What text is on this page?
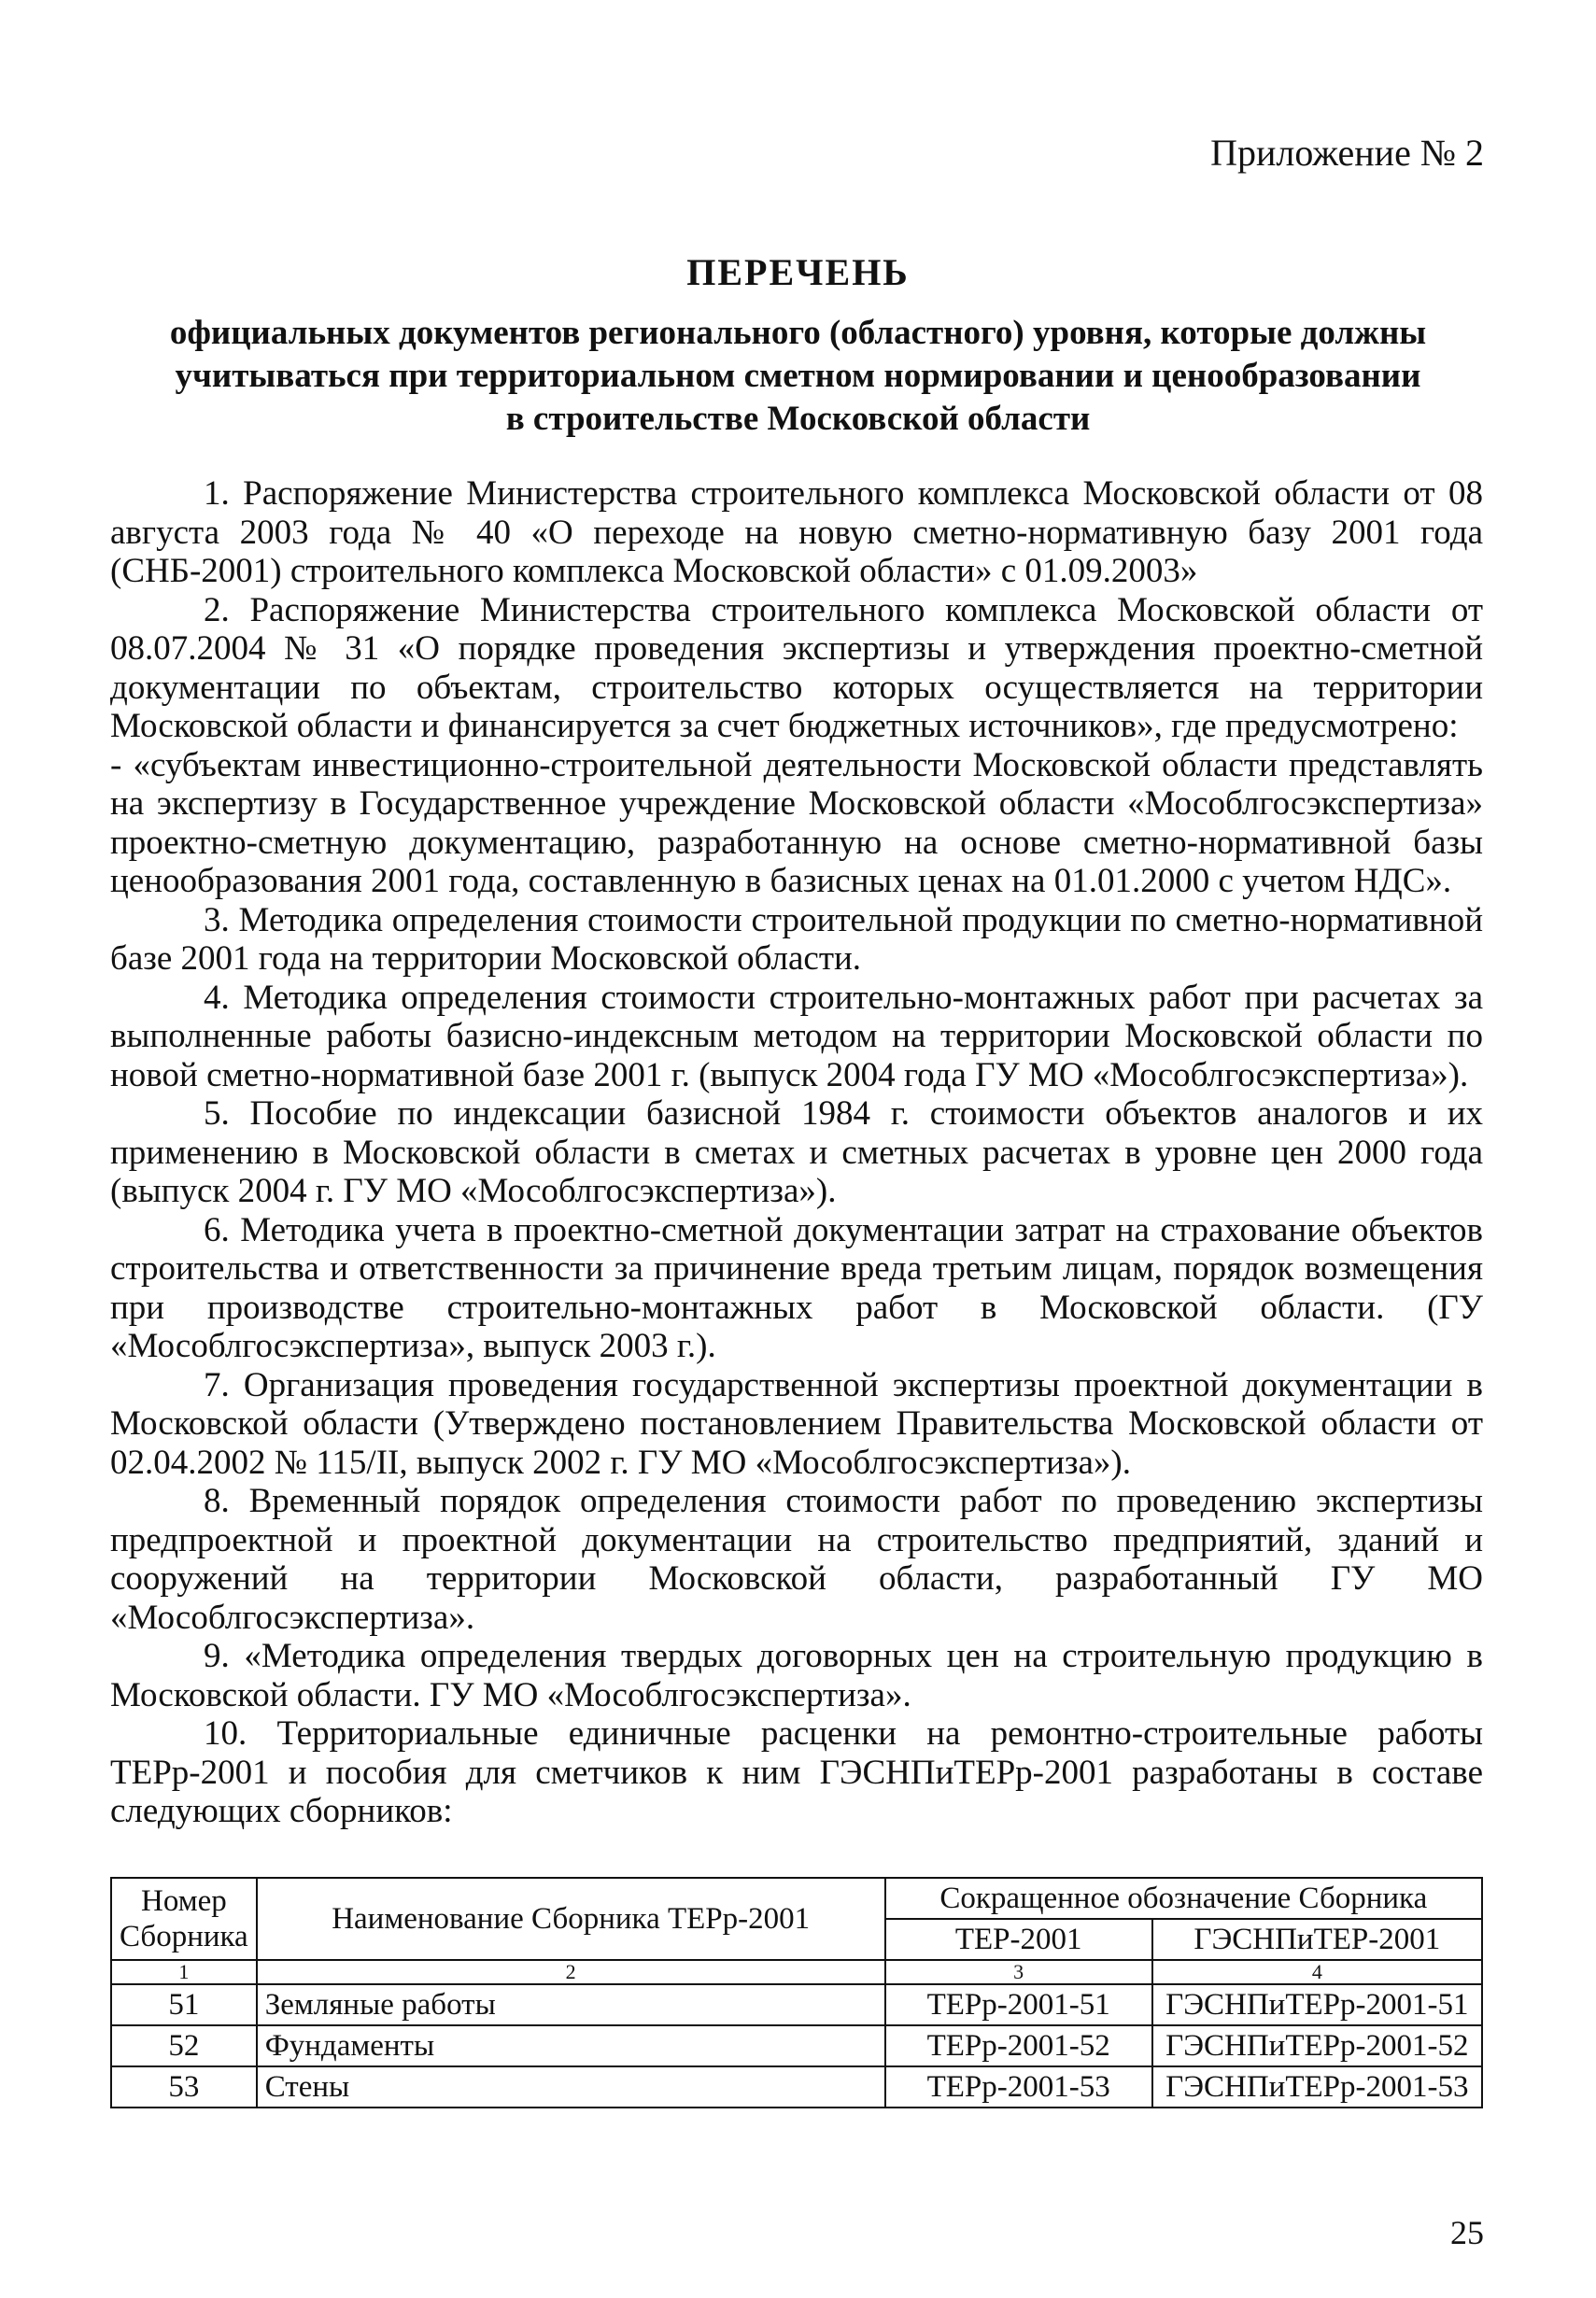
Приложение № 2
ПЕРЕЧЕНЬ
официальных документов регионального (областного) уровня, которые должны учитываться при территориальном сметном нормировании и ценообразовании в строительстве Московской области

1. Распоряжение Министерства строительного комплекса Московской области от 08 августа 2003 года № 40 «О переходе на новую сметно-нормативную базу 2001 года (СНБ-2001) строительного комплекса Московской области» с 01.09.2003»

2. Распоряжение Министерства строительного комплекса Московской области от 08.07.2004 № 31 «О порядке проведения экспертизы и утверждения проектно-сметной документации по объектам, строительство которых осуществляется на территории Московской области и финансируется за счет бюджетных источников», где предусмотрено:

- «субъектам инвестиционно-строительной деятельности Московской области представлять на экспертизу в Государственное учреждение Московской области «Мособлгосэкспертиза» проектно-сметную документацию, разработанную на основе сметно-нормативной базы ценообразования 2001 года, составленную в базисных ценах на 01.01.2000 с учетом НДС».

3. Методика определения стоимости строительной продукции по сметно-нормативной базе 2001 года на территории Московской области.

4. Методика определения стоимости строительно-монтажных работ при расчетах за выполненные работы базисно-индексным методом на территории Московской области по новой сметно-нормативной базе 2001 г. (выпуск 2004 года ГУ МО «Мособлгосэкспертиза»).

5. Пособие по индексации базисной 1984 г. стоимости объектов аналогов и их применению в Московской области в сметах и сметных расчетах в уровне цен 2000 года (выпуск 2004 г. ГУ МО «Мособлгосэкспертиза»).

6. Методика учета в проектно-сметной документации затрат на страхование объектов строительства и ответственности за причинение вреда третьим лицам, порядок возмещения при производстве строительно-монтажных работ в Московской области. (ГУ «Мособлгосэкспертиза», выпуск 2003 г.).

7. Организация проведения государственной экспертизы проектной документации в Московской области (Утверждено постановлением Правительства Московской области от 02.04.2002 № 115/II, выпуск 2002 г. ГУ МО «Мособлгосэкспертиза»).

8. Временный порядок определения стоимости работ по проведению экспертизы предпроектной и проектной документации на строительство предприятий, зданий и сооружений на территории Московской области, разработанный ГУ МО «Мособлгосэкспертиза».

9. «Методика определения твердых договорных цен на строительную продукцию в Московской области. ГУ МО «Мособлгосэкспертиза».

10. Территориальные единичные расценки на ремонтно-строительные работы ТЕРр-2001 и пособия для сметчиков к ним ГЭСНПиТЕРр-2001 разработаны в составе следующих сборников:

Номер Сборника	Наименование Сборника ТЕРр-2001	Сокращенное обозначение Сборника	
		ТЕР-2001	ГЭСНПиТЕР-2001
1	2	3	4
51	Земляные работы	ТЕРр-2001-51	ГЭСНПиТЕРр-2001-51
52	Фундаменты	ТЕРр-2001-52	ГЭСНПиТЕРр-2001-52
53	Стены	ТЕРр-2001-53	ГЭСНПиТЕРр-2001-53
25
